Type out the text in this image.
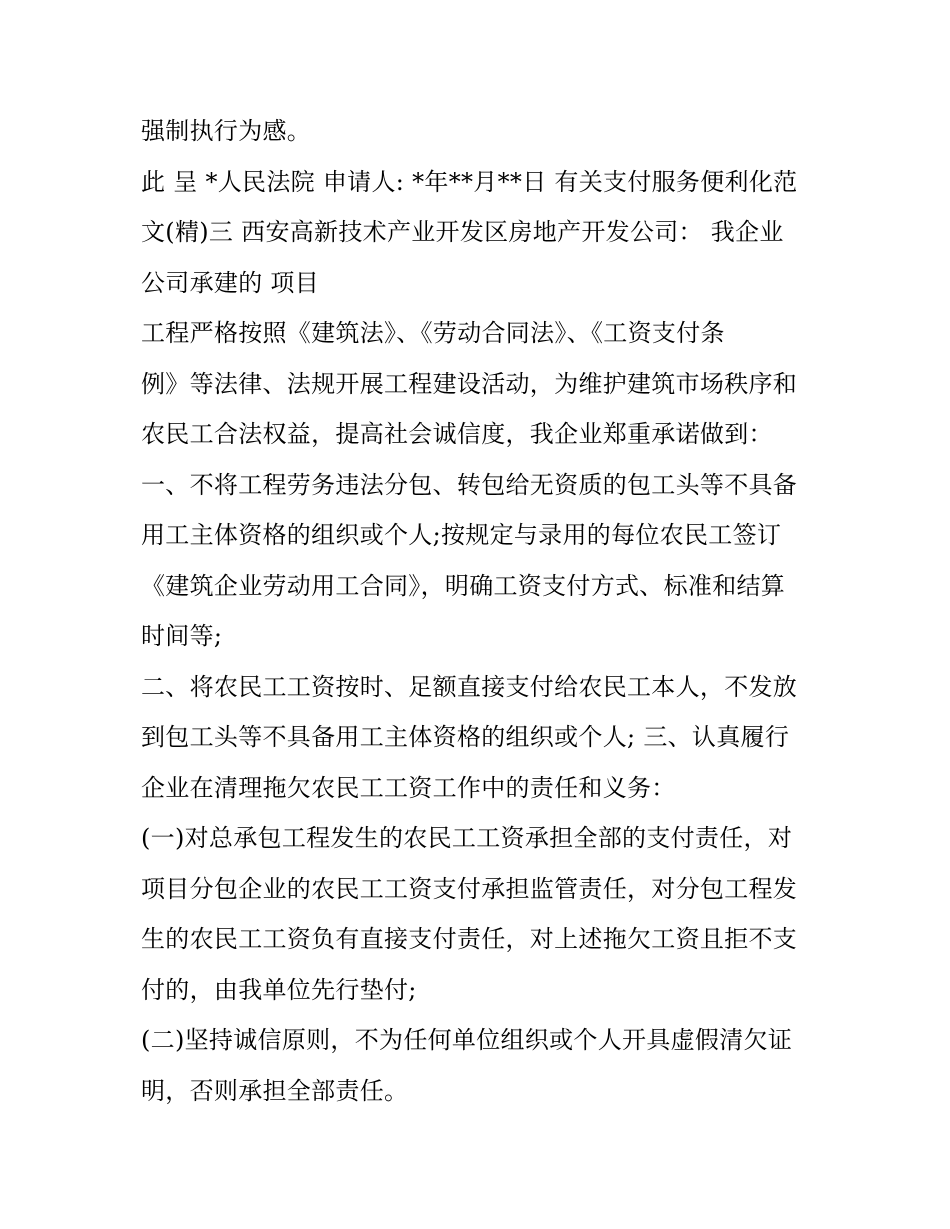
强制执行为感。
此 呈 *人民法院 申请人: *年**月**日 有关支付服务便利化范
文(精)三 西安高新技术产业开发区房地产开发公司： 我企业
公司承建的 项目
工程严格按照《建筑法》、《劳动合同法》、《工资支付条
例》等法律、法规开展工程建设活动，为维护建筑市场秩序和
农民工合法权益，提高社会诚信度，我企业郑重承诺做到：
一、不将工程劳务违法分包、转包给无资质的包工头等不具备
用工主体资格的组织或个人;按规定与录用的每位农民工签订
《建筑企业劳动用工合同》，明确工资支付方式、标准和结算
时间等;
二、将农民工工资按时、足额直接支付给农民工本人，不发放
到包工头等不具备用工主体资格的组织或个人; 三、认真履行
企业在清理拖欠农民工工资工作中的责任和义务：
(一)对总承包工程发生的农民工工资承担全部的支付责任，对
项目分包企业的农民工工资支付承担监管责任，对分包工程发
生的农民工工资负有直接支付责任，对上述拖欠工资且拒不支
付的，由我单位先行垫付;
(二)坚持诚信原则，不为任何单位组织或个人开具虚假清欠证
明，否则承担全部责任。
